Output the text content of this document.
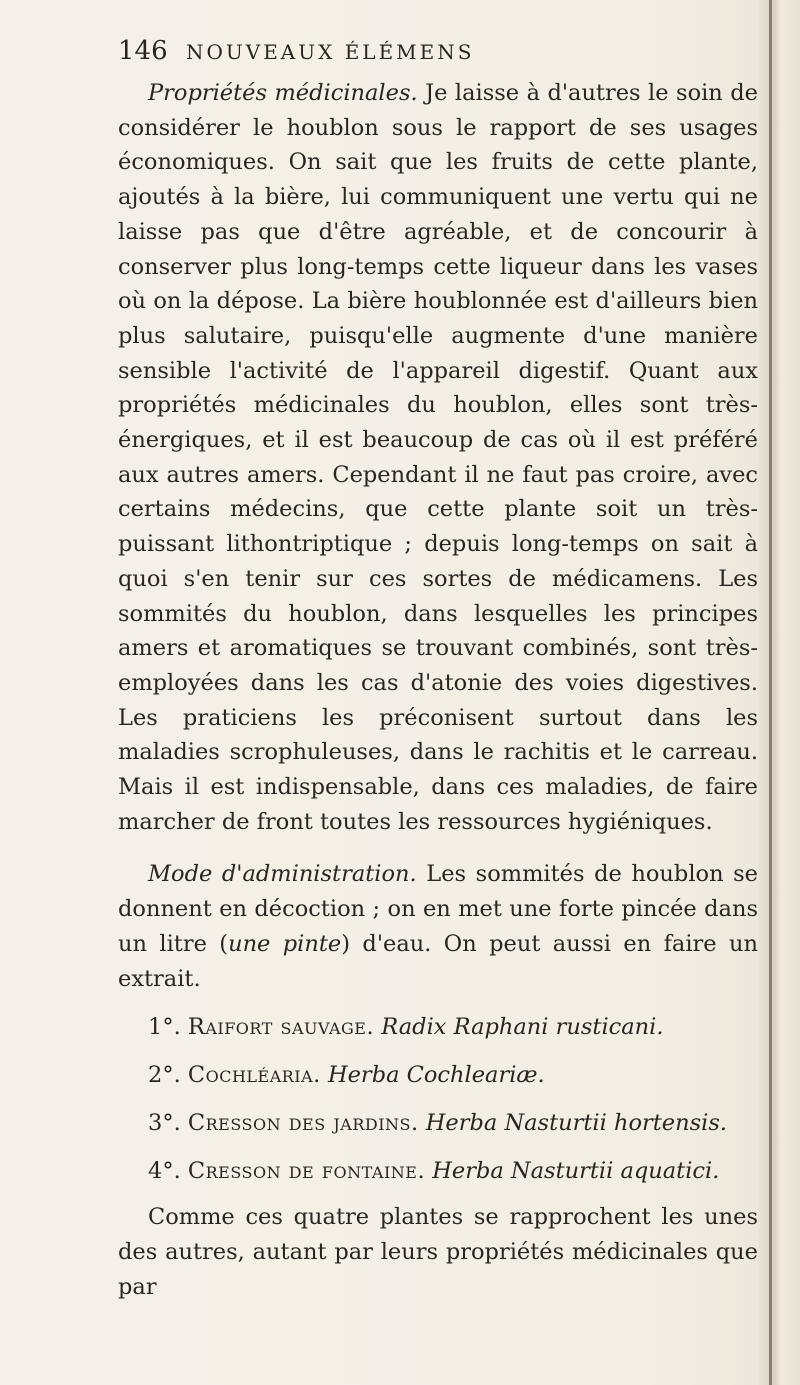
146 NOUVEAUX ÉLÉMENS

Propriétés médicinales. Je laisse à d'autres le soin de considérer le houblon sous le rapport de ses usages économiques. On sait que les fruits de cette plante, ajoutés à la bière, lui communiquent une vertu qui ne laisse pas que d'être agréable, et de concourir à conserver plus long-temps cette liqueur dans les vases où on la dépose. La bière houblonnée est d'ailleurs bien plus salutaire, puisqu'elle augmente d'une manière sensible l'activité de l'appareil digestif. Quant aux propriétés médicinales du houblon, elles sont très-énergiques, et il est beaucoup de cas où il est préféré aux autres amers. Cependant il ne faut pas croire, avec certains médecins, que cette plante soit un très-puissant lithontriptique ; depuis long-temps on sait à quoi s'en tenir sur ces sortes de médicamens. Les sommités du houblon, dans lesquelles les principes amers et aromatiques se trouvant combinés, sont très-employées dans les cas d'atonie des voies digestives. Les praticiens les préconisent surtout dans les maladies scrophuleuses, dans le rachitis et le carreau. Mais il est indispensable, dans ces maladies, de faire marcher de front toutes les ressources hygiéniques.

Mode d'administration. Les sommités de houblon se donnent en décoction ; on en met une forte pincée dans un litre (une pinte) d'eau. On peut aussi en faire un extrait.

1°. Raifort sauvage. Radix Raphani rusticani.
2°. Cochléaria. Herba Cochleariæ.
3°. Cresson des jardins. Herba Nasturtii hortensis.
4°. Cresson de fontaine. Herba Nasturtii aquatici.

Comme ces quatre plantes se rapprochent les unes des autres, autant par leurs propriétés médicinales que par
